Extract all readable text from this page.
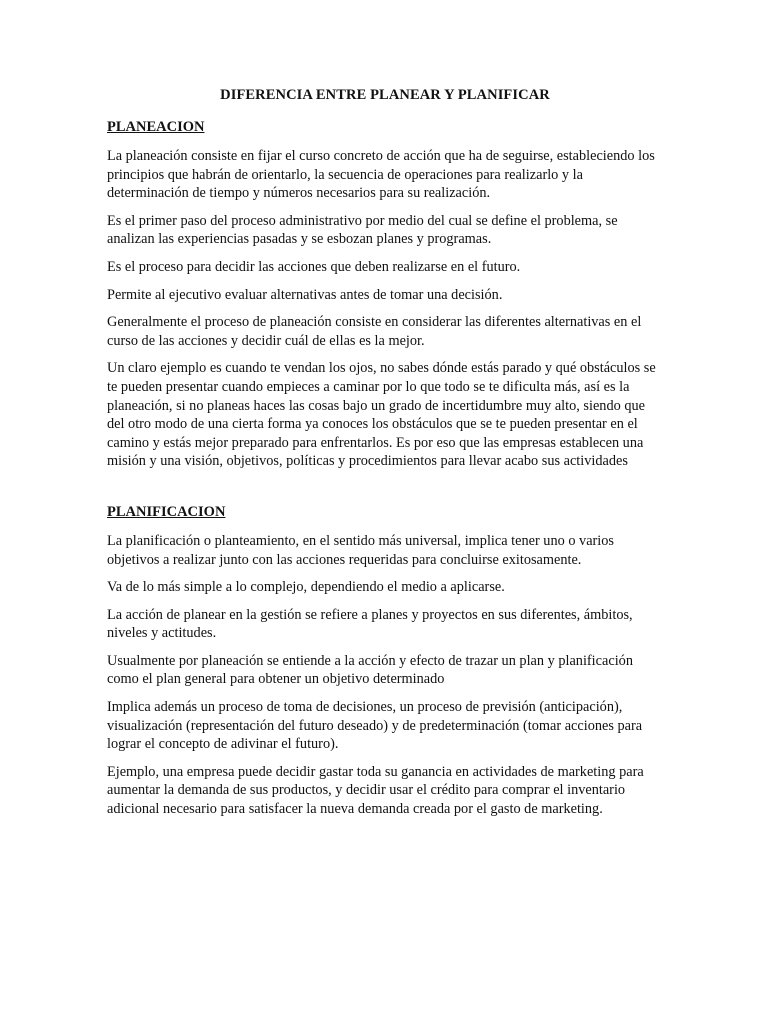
DIFERENCIA ENTRE PLANEAR Y PLANIFICAR
PLANEACION

La planeación consiste en fijar el curso concreto de acción que ha de seguirse, estableciendo los principios que habrán de orientarlo, la secuencia de operaciones para realizarlo y la determinación de tiempo y números necesarios para su realización.

Es el primer paso del proceso administrativo por medio del cual se define el problema, se analizan las experiencias pasadas y se esbozan planes y programas.

Es el proceso para decidir las acciones que deben realizarse en el futuro.

Permite al ejecutivo evaluar alternativas antes de tomar una decisión.

Generalmente el proceso de planeación consiste en considerar las diferentes alternativas en el curso de las acciones y decidir cuál de ellas es la mejor.

Un claro ejemplo es cuando te vendan los ojos, no sabes dónde estás parado y qué obstáculos se te pueden presentar cuando empieces a caminar por lo que todo se te dificulta más, así es la planeación, si no planeas haces las cosas bajo un grado de incertidumbre muy alto, siendo que del otro modo de una cierta forma ya conoces los obstáculos que se te pueden presentar en el camino y estás mejor preparado para enfrentarlos. Es por eso que las empresas establecen una misión y una visión, objetivos, políticas y procedimientos para llevar acabo sus actividades

PLANIFICACION

La planificación o planteamiento, en el sentido más universal, implica tener uno o varios objetivos a realizar junto con las acciones requeridas para concluirse exitosamente.

Va de lo más simple a lo complejo, dependiendo el medio a aplicarse.

La acción de planear en la gestión se refiere a planes y proyectos en sus diferentes, ámbitos, niveles y actitudes.

Usualmente por planeación se entiende a la acción y efecto de trazar un plan y planificación como el plan general para obtener un objetivo determinado

Implica además un proceso de toma de decisiones, un proceso de previsión (anticipación), visualización (representación del futuro deseado) y de predeterminación (tomar acciones para lograr el concepto de adivinar el futuro).

Ejemplo, una empresa puede decidir gastar toda su ganancia en actividades de marketing para aumentar la demanda de sus productos, y decidir usar el crédito para comprar el inventario adicional necesario para satisfacer la nueva demanda creada por el gasto de marketing.
